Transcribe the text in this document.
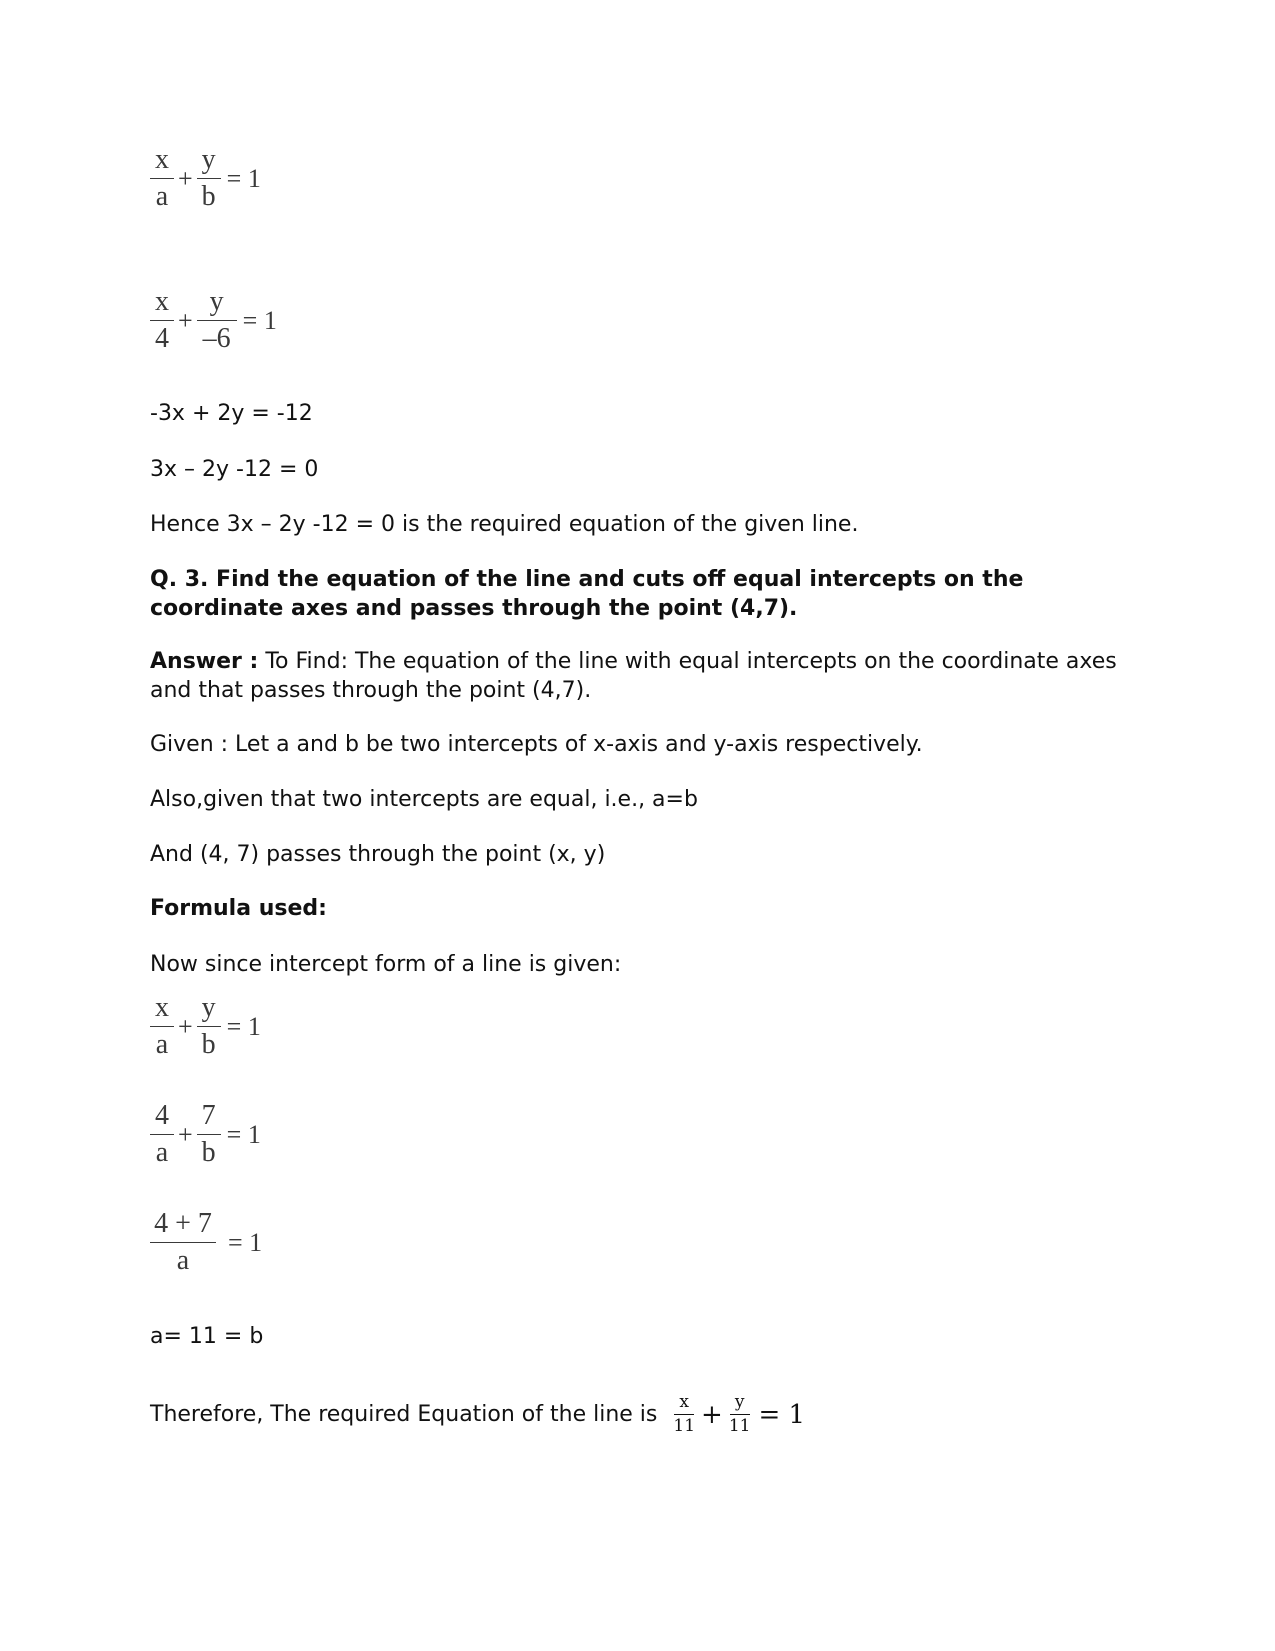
$\frac{x}{a} + \frac{y}{b} = 1$
$\frac{x}{4} + \frac{y}{-6} = 1$
-3x + 2y = -12
3x – 2y -12 = 0
Hence 3x – 2y -12 = 0 is the required equation of the given line.
Q. 3. Find the equation of the line and cuts off equal intercepts on the coordinate axes and passes through the point (4,7).
Answer : To Find: The equation of the line with equal intercepts on the coordinate axes and that passes through the point (4,7).
Given : Let a and b be two intercepts of x-axis and y-axis respectively.
Also,given that two intercepts are equal, i.e., a=b
And (4, 7) passes through the point (x, y)
Formula used:
Now since intercept form of a line is given:
$\frac{x}{a} + \frac{y}{b} = 1$
$\frac{4}{a} + \frac{7}{b} = 1$
$\frac{4 + 7}{a} = 1$
a= 11 = b
Therefore, The required Equation of the line is $\frac{x}{11} + \frac{y}{11} = 1$
